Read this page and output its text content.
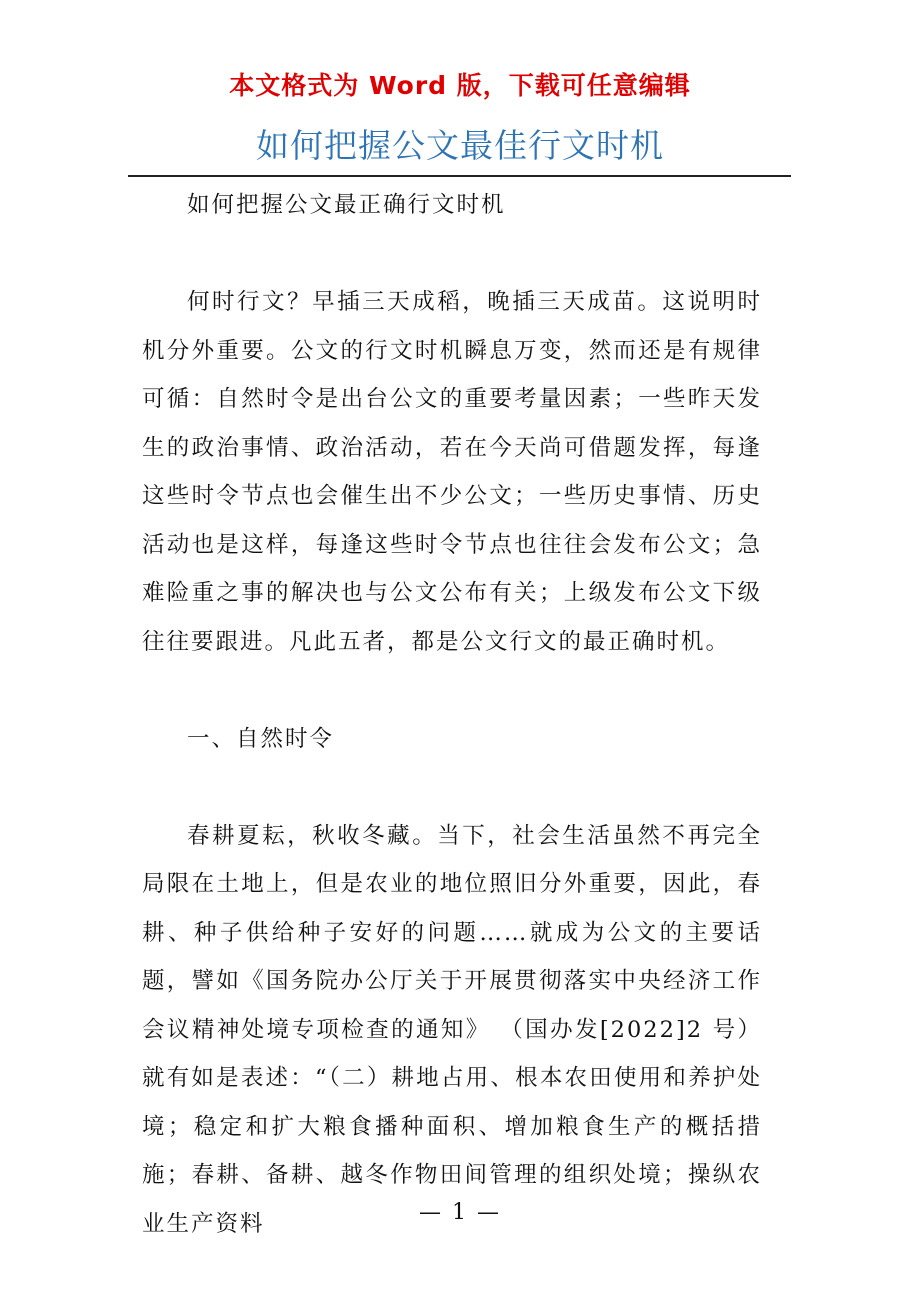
本文格式为 Word 版，下载可任意编辑
如何把握公文最佳行文时机

如何把握公文最正确行文时机

何时行文？早插三天成稻，晚插三天成苗。这说明时机分外重要。公文的行文时机瞬息万变，然而还是有规律可循：自然时令是出台公文的重要考量因素；一些昨天发生的政治事情、政治活动，若在今天尚可借题发挥，每逢这些时令节点也会催生出不少公文；一些历史事情、历史活动也是这样，每逢这些时令节点也往往会发布公文；急难险重之事的解决也与公文公布有关；上级发布公文下级往往要跟进。凡此五者，都是公文行文的最正确时机。

一、自然时令

春耕夏耘，秋收冬藏。当下，社会生活虽然不再完全局限在土地上，但是农业的地位照旧分外重要，因此，春耕、种子供给种子安好的问题……就成为公文的主要话题，譬如《国务院办公厅关于开展贯彻落实中央经济工作会议精神处境专项检查的通知》 （国办发[2022]2 号）就有如是表述：“（二）耕地占用、根本农田使用和养护处境；稳定和扩大粮食播种面积、增加粮食生产的概括措施；春耕、备耕、越冬作物田间管理的组织处境；操纵农业生产资料	— 1 —
